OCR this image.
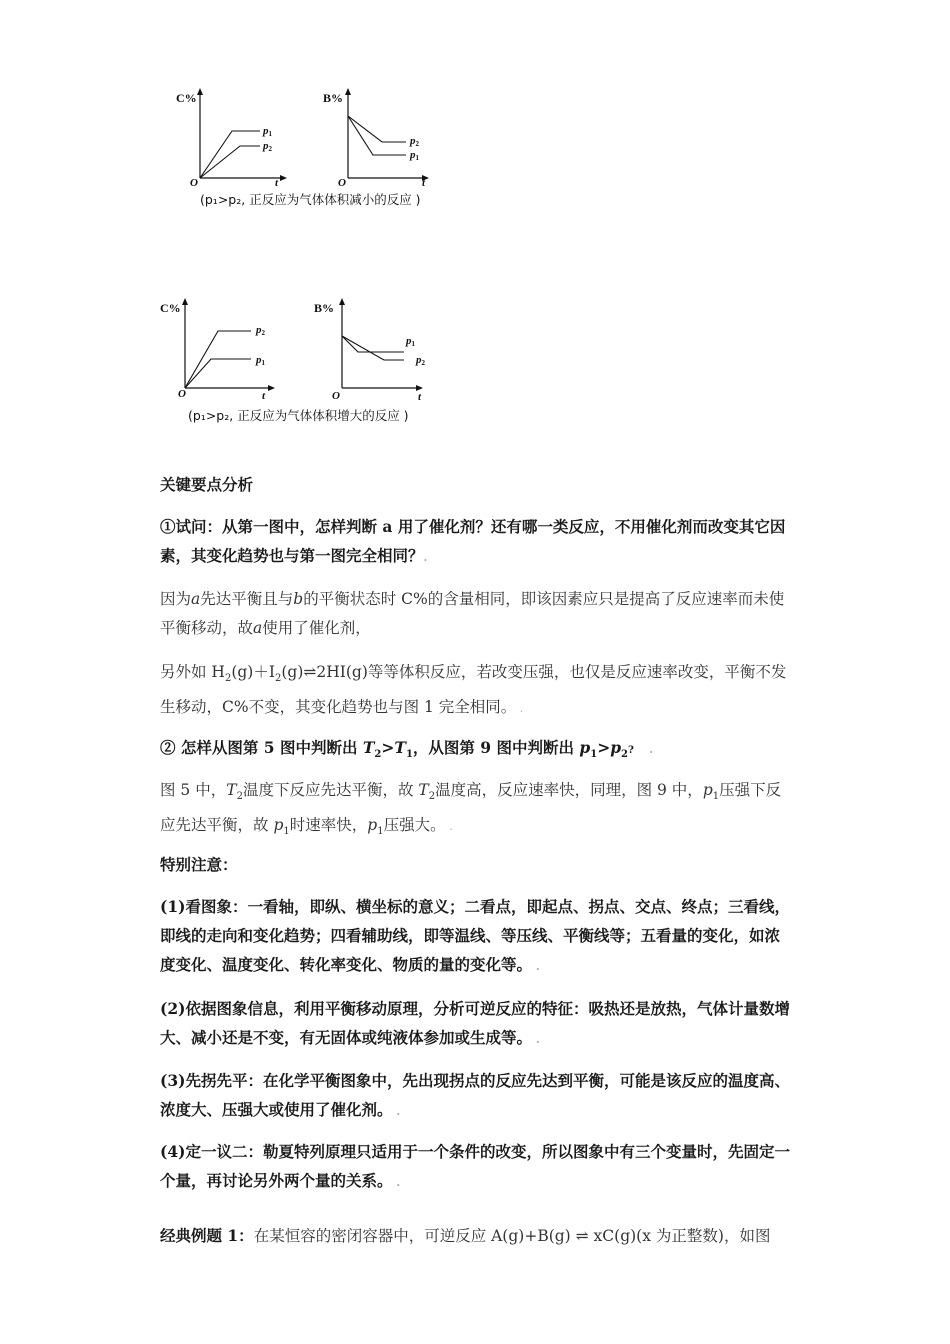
C%
O	t
p1
p2
B%
O	t
p2
p1
(p₁>p₂, 正反应为气体体积减小的反应 )
C%
O	t
p2
p1
B%
O	t
p1
p2
(p₁>p₂, 正反应为气体体积增大的反应 )
关键要点分析
①试问：从第一图中，怎样判断 a 用了催化剂？还有哪一类反应，不用催化剂而改变其它因素，其变化趋势也与第一图完全相同？.
因为a先达平衡且与b的平衡状态时 C%的含量相同，即该因素应只是提高了反应速率而未使平衡移动，故a使用了催化剂，
另外如 $H_2(g)+I_2(g)\rightleftharpoons 2HI(g)$等等体积反应，若改变压强，也仅是反应速率改变，平衡不发生移动，C%不变，其变化趋势也与图 1 完全相同。 .
② 怎样从图第 5 图中判断出 $T_2>T_1$，从图第 9 图中判断出 $p_1>p_2$?    .
图 5 中，$T_2$温度下反应先达平衡，故 $T_2$温度高，反应速率快，同理，图 9 中，$p_1$压强下反应先达平衡，故 $p_1$时速率快，$p_1$压强大。 .
特别注意：
(1)看图象：一看轴，即纵、横坐标的意义；二看点，即起点、拐点、交点、终点；三看线，即线的走向和变化趋势；四看辅助线，即等温线、等压线、平衡线等；五看量的变化，如浓度变化、温度变化、转化率变化、物质的量的变化等。 .
(2)依据图象信息，利用平衡移动原理，分析可逆反应的特征：吸热还是放热，气体计量数增大、减小还是不变，有无固体或纯液体参加或生成等。 .
(3)先拐先平：在化学平衡图象中，先出现拐点的反应先达到平衡，可能是该反应的温度高、浓度大、压强大或使用了催化剂。 .
(4)定一议二：勒夏特列原理只适用于一个条件的改变，所以图象中有三个变量时，先固定一个量，再讨论另外两个量的关系。 .
经典例题 1：在某恒容的密闭容器中，可逆反应 A(g)+B(g) ⇌ xC(g)(x 为正整数)，如图
